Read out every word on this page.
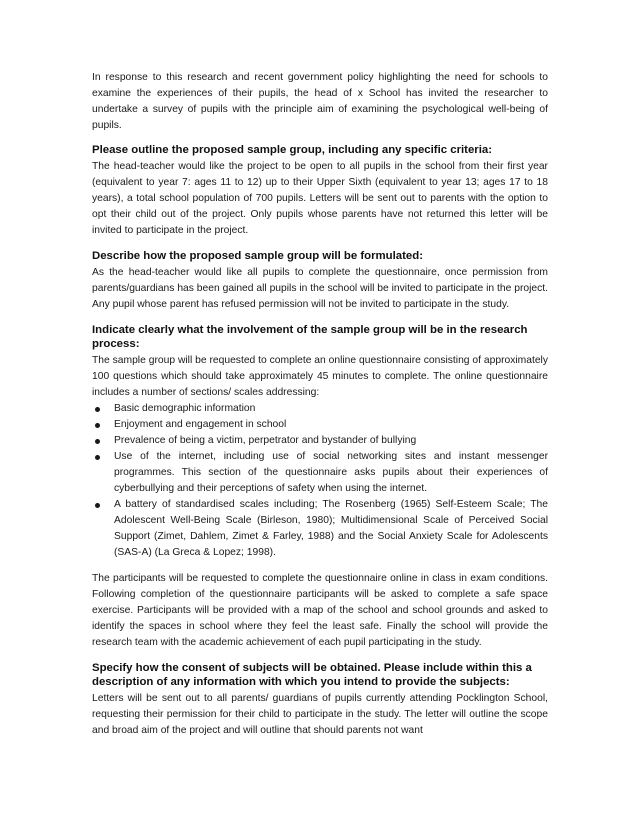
In response to this research and recent government policy highlighting the need for schools to examine the experiences of their pupils, the head of x School has invited the researcher to undertake a survey of pupils with the principle aim of examining the psychological well-being of pupils.

Please outline the proposed sample group, including any specific criteria:

The head-teacher would like the project to be open to all pupils in the school from their first year (equivalent to year 7: ages 11 to 12) up to their Upper Sixth (equivalent to year 13; ages 17 to 18 years), a total school population of 700 pupils. Letters will be sent out to parents with the option to opt their child out of the project. Only pupils whose parents have not returned this letter will be invited to participate in the project.

Describe how the proposed sample group will be formulated:

As the head-teacher would like all pupils to complete the questionnaire, once permission from parents/guardians has been gained all pupils in the school will be invited to participate in the project. Any pupil whose parent has refused permission will not be invited to participate in the study.

Indicate clearly what the involvement of the sample group will be in the research process:

The sample group will be requested to complete an online questionnaire consisting of approximately 100 questions which should take approximately 45 minutes to complete. The online questionnaire includes a number of sections/ scales addressing:

Basic demographic information
Enjoyment and engagement in school
Prevalence of being a victim, perpetrator and bystander of bullying
Use of the internet, including use of social networking sites and instant messenger programmes. This section of the questionnaire asks pupils about their experiences of cyberbullying and their perceptions of safety when using the internet.
A battery of standardised scales including; The Rosenberg (1965) Self-Esteem Scale; The Adolescent Well-Being Scale (Birleson, 1980); Multidimensional Scale of Perceived Social Support (Zimet, Dahlem, Zimet & Farley, 1988) and the Social Anxiety Scale for Adolescents (SAS-A) (La Greca & Lopez; 1998).

The participants will be requested to complete the questionnaire online in class in exam conditions. Following completion of the questionnaire participants will be asked to complete a safe space exercise. Participants will be provided with a map of the school and school grounds and asked to identify the spaces in school where they feel the least safe. Finally the school will provide the research team with the academic achievement of each pupil participating in the study.

Specify how the consent of subjects will be obtained. Please include within this a description of any information with which you intend to provide the subjects:

Letters will be sent out to all parents/ guardians of pupils currently attending Pocklington School, requesting their permission for their child to participate in the study. The letter will outline the scope and broad aim of the project and will outline that should parents not want
